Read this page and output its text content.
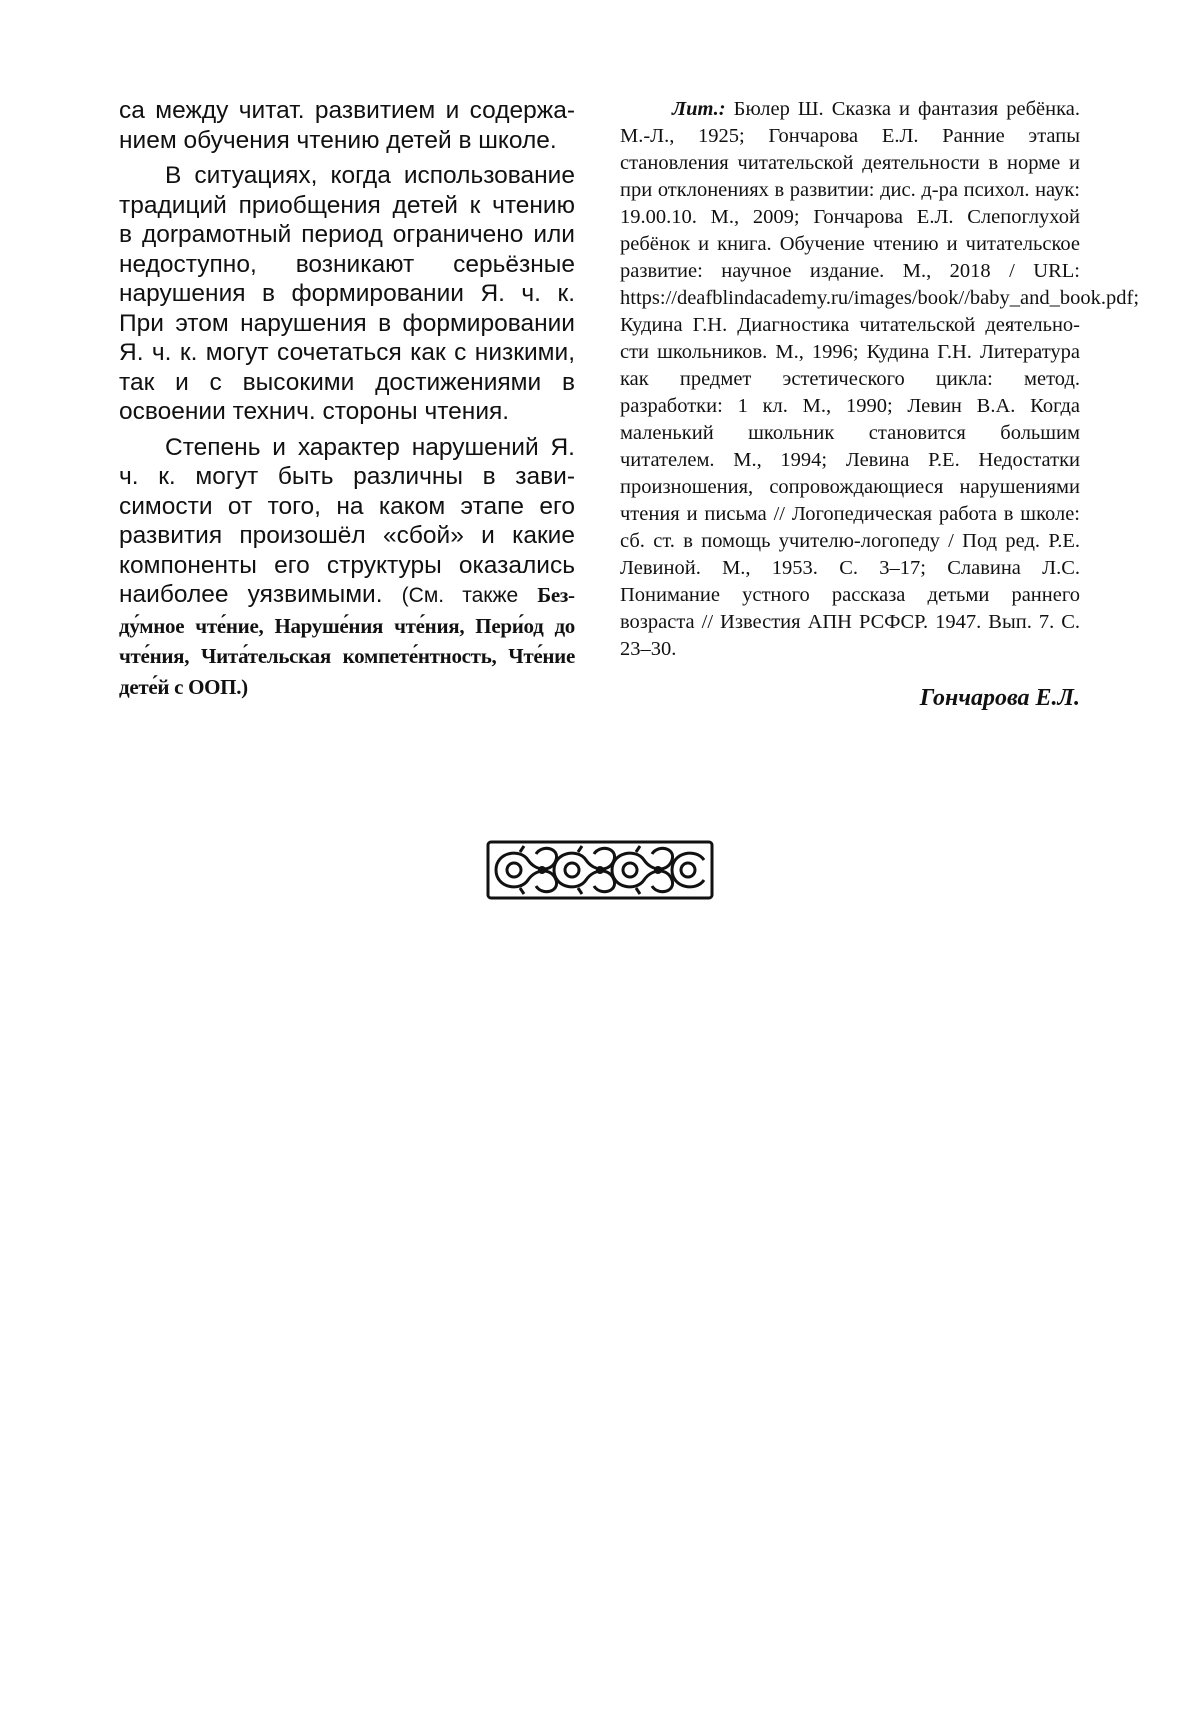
са между читат. развитием и содержанием обучения чтению детей в школе.

В ситуациях, когда использование традиций приобщения детей к чтению в доrрамотный период ограничено или недоступно, возникают серьёзные нарушения в формировании Я. ч. к. При этом нарушения в формировании Я. ч. к. могут сочетаться как с низкими, так и с высокими достижениями в освоении технич. стороны чтения.

Степень и характер нарушений Я. ч. к. могут быть различны в зависимости от того, на каком этапе его развития произошёл «сбой» и какие компоненты его структуры оказались наиболее уязвимыми. (См. также Безду́мное чте́ние, Наруше́ния чте́ния, Пери́од до чте́ния, Чита́тельская компете́нтность, Чте́ние дете́й с ООП.)

Лит.: Бюлер Ш. Сказка и фантазия ребёнка. М.-Л., 1925; Гончарова Е.Л. Ранние этапы становления читательской деятельности в норме и при отклонениях в развитии: дис. д-ра психол. наук: 19.00.10. М., 2009; Гончарова Е.Л. Слепоглухой ребёнок и книга. Обучение чтению и читательское развитие: научное издание. М., 2018 / URL: https://deafblindacademy.ru/images/book//baby_and_book.pdf; Кудина Г.Н. Диагностика читательской деятельности школьников. М., 1996; Кудина Г.Н. Литература как предмет эстетического цикла: метод. разработки: 1 кл. М., 1990; Левин В.А. Когда маленький школьник становится большим читателем. М., 1994; Левина Р.Е. Недостатки произношения, сопровождающиеся нарушениями чтения и письма // Логопедическая работа в школе: сб. ст. в помощь учителю-логопеду / Под ред. Р.Е. Левиной. М., 1953. С. 3–17; Славина Л.С. Понимание устного рассказа детьми раннего возраста // Известия АПН РСФСР. 1947. Вып. 7. С. 23–30.

Гончарова Е.Л.
